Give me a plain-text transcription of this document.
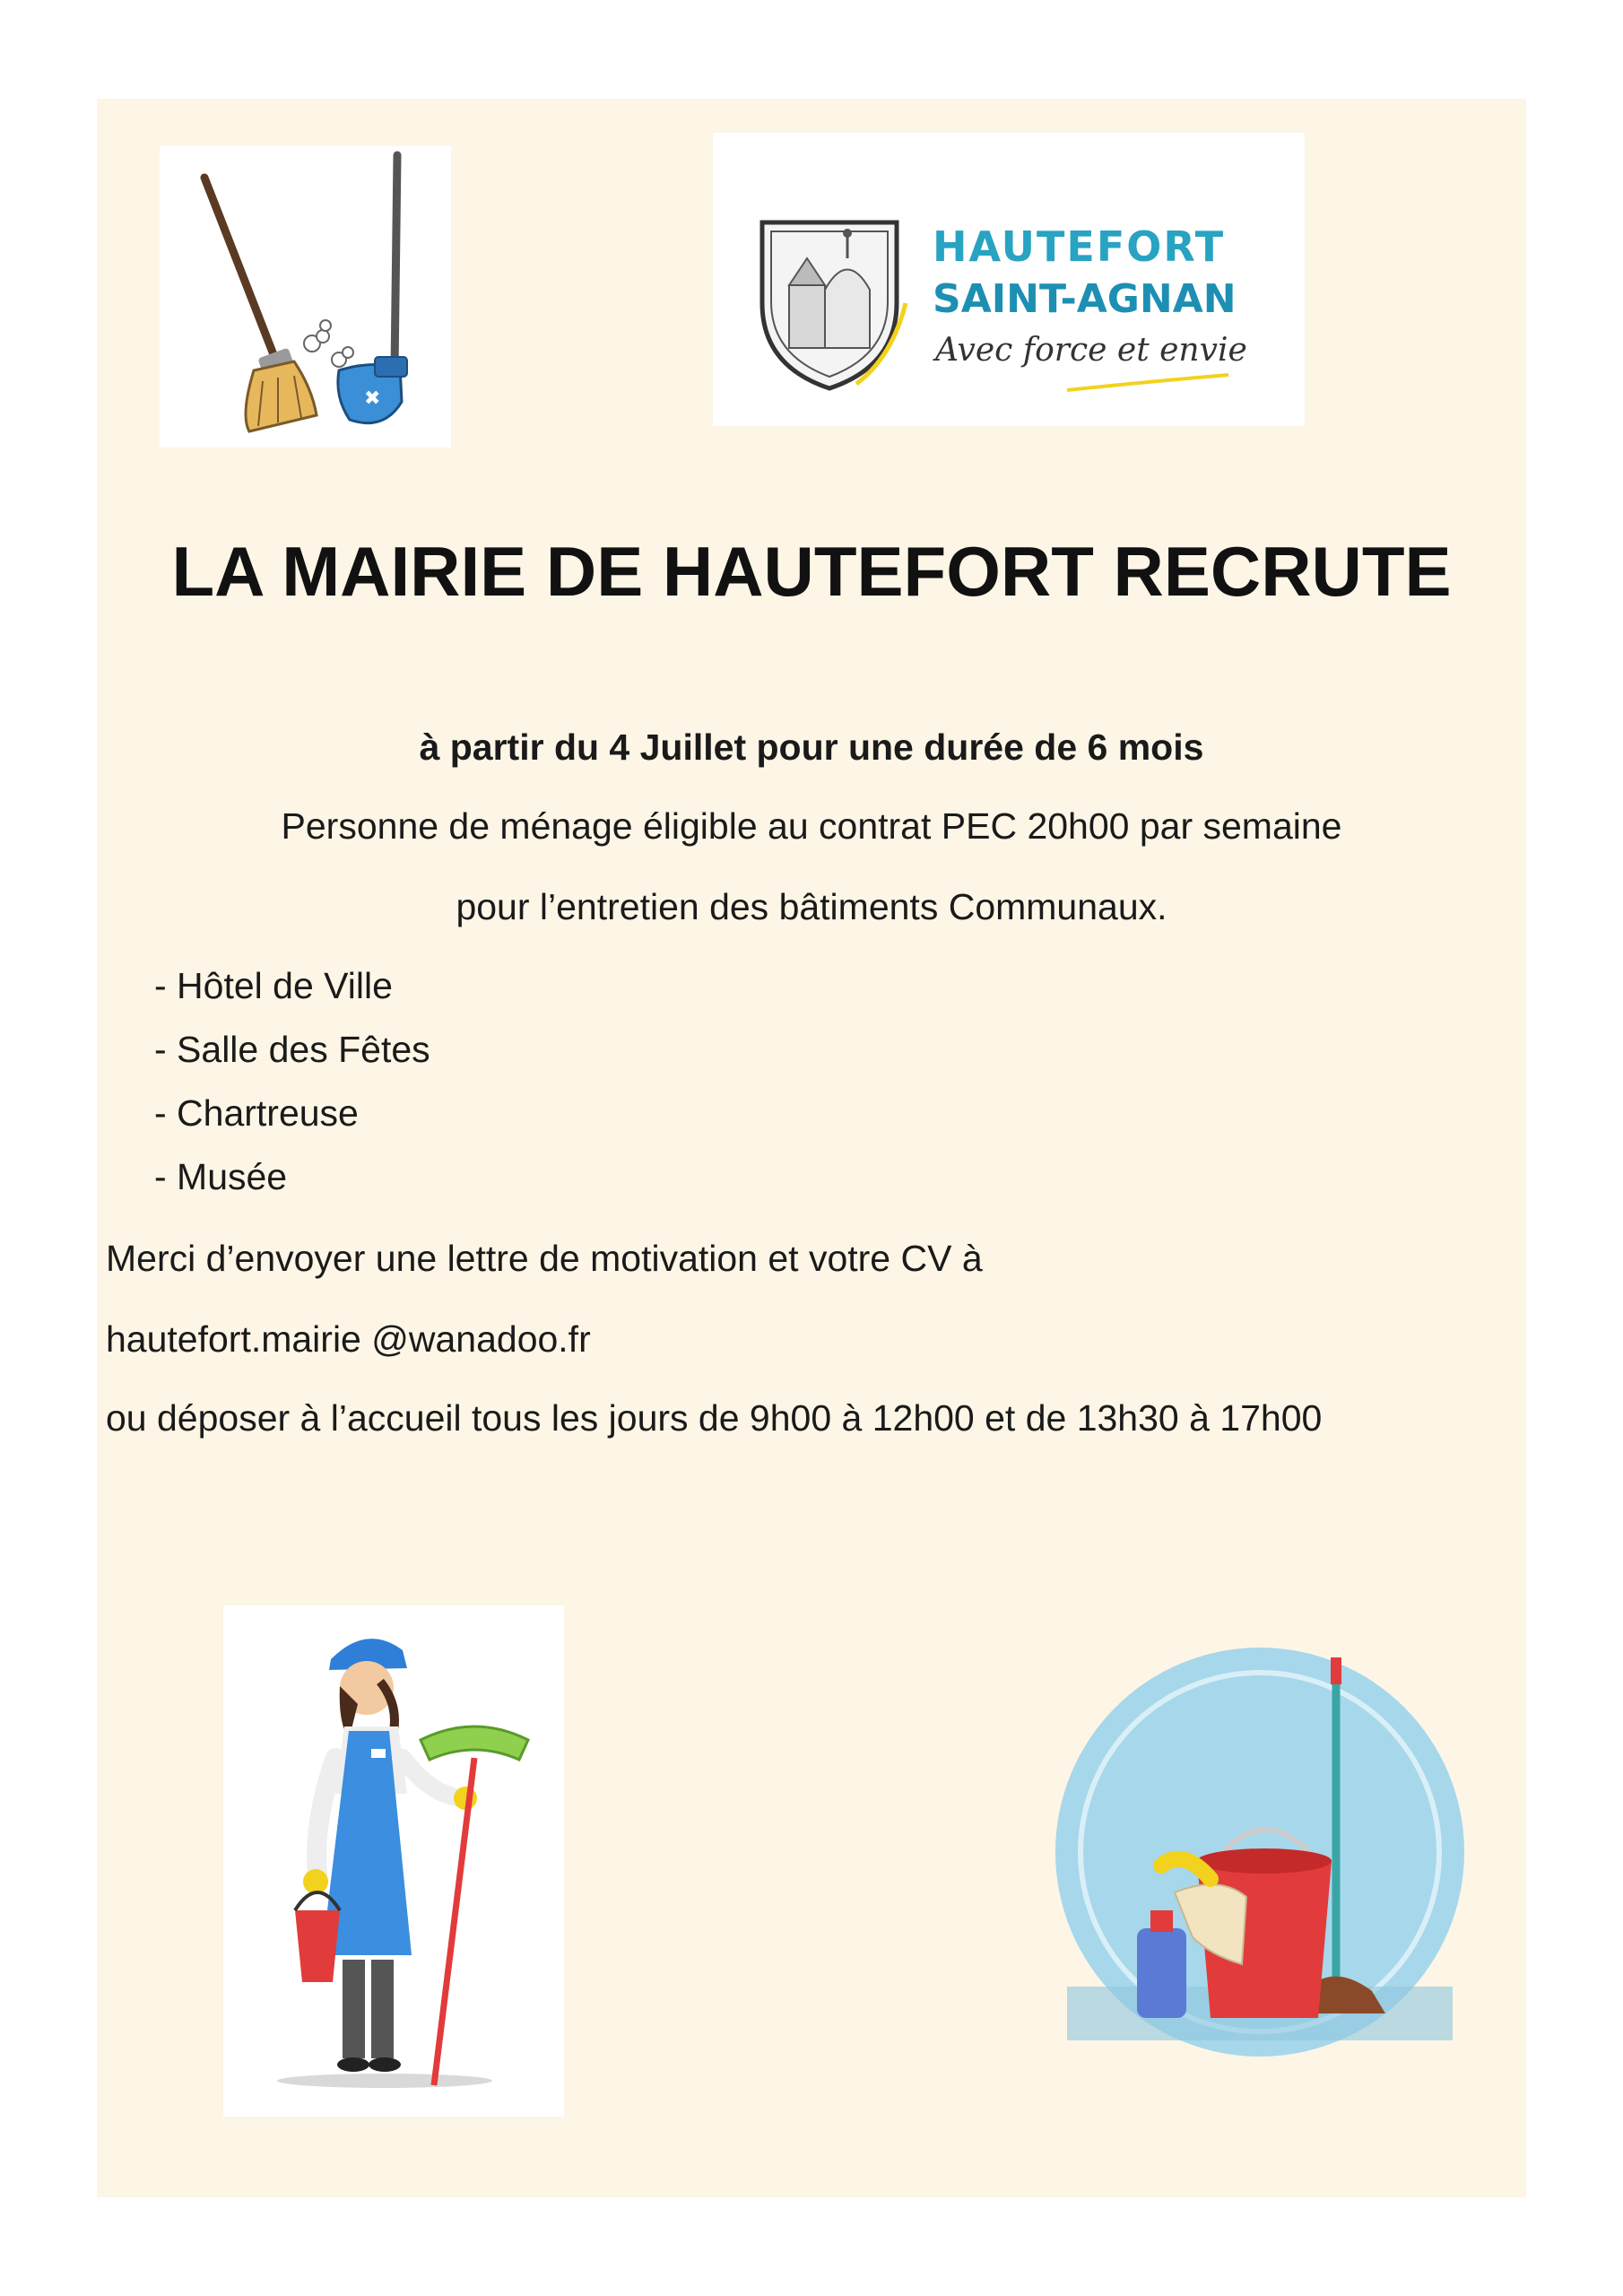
✖
HAUTEFORT
SAINT-AGNAN
Avec force et envie
LA MAIRIE DE HAUTEFORT RECRUTE

à partir du 4 Juillet pour une durée de 6 mois

Personne de ménage éligible au contrat PEC 20h00 par semaine

pour l’entretien des bâtiments Communaux.

- Hôtel de Ville
- Salle des Fêtes
- Chartreuse
- Musée

Merci d’envoyer une lettre de motivation et votre CV à

hautefort.mairie @wanadoo.fr

ou déposer à l’accueil tous les jours de 9h00 à 12h00 et de 13h30 à 17h00
